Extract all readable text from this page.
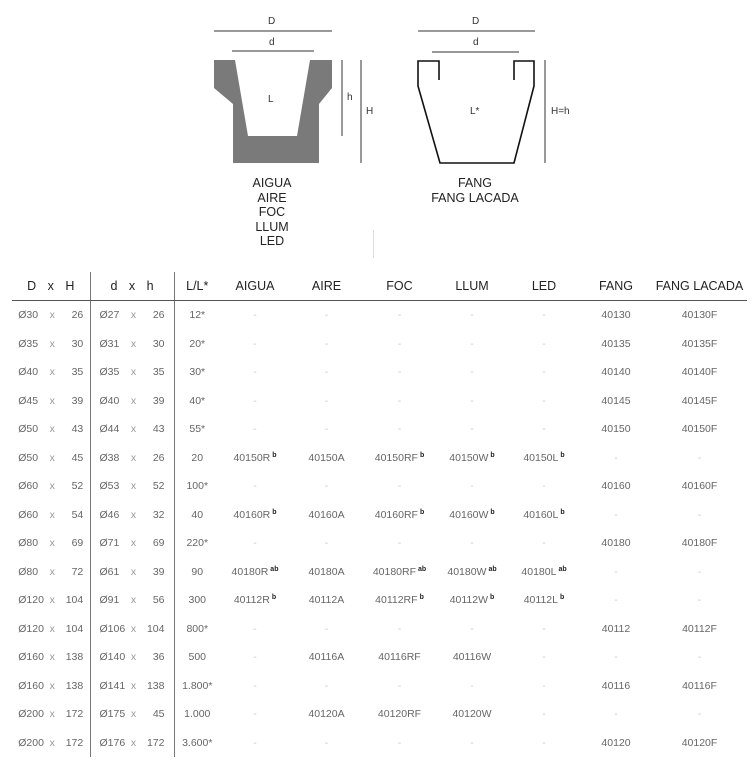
D
d
L	h
H
D
d
L*	H=h
AIGUA
AIRE
FOC
LLUM
LED
FANG
FANG LACADA
D x H	d x h	L/L*	AIGUA	AIRE	FOC	LLUM	LED	FANG	FANG LACADA
Ø30 x 26	Ø27 x 26	12*	-	-	-	-	-	40130	40130F
Ø35 x 30	Ø31 x 30	20*	-	-	-	-	-	40135	40135F
Ø40 x 35	Ø35 x 35	30*	-	-	-	-	-	40140	40140F
Ø45 x 39	Ø40 x 39	40*	-	-	-	-	-	40145	40145F
Ø50 x 43	Ø44 x 43	55*	-	-	-	-	-	40150	40150F
Ø50 x 45	Ø38 x 26	20	40150R $^b$	40150A	40150RF $^b$	40150W $^b$	40150L $^b$	-	-
Ø60 x 52	Ø53 x 52	100*	-	-	-	-	-	40160	40160F
Ø60 x 54	Ø46 x 32	40	40160R $^b$	40160A	40160RF $^b$	40160W $^b$	40160L $^b$	-	-
Ø80 x 69	Ø71 x 69	220*	-	-	-	-	-	40180	40180F
Ø80 x 72	Ø61 x 39	90	40180R $^{ab}$	40180A	40180RF $^{ab}$	40180W $^{ab}$	40180L $^{ab}$	-	-
Ø120 x 104	Ø91 x 56	300	40112R $^b$	40112A	40112RF $^b$	40112W $^b$	40112L $^b$	-	-
Ø120 x 104	Ø106 x 104	800*	-	-	-	-	-	40112	40112F
Ø160 x 138	Ø140 x 36	500	-	40116A	40116RF	40116W	-	-	-
Ø160 x 138	Ø141 x 138	1.800*	-	-	-	-	-	40116	40116F
Ø200 x 172	Ø175 x 45	1.000	-	40120A	40120RF	40120W	-	-	-
Ø200 x 172	Ø176 x 172	3.600*	-	-	-	-	-	40120	40120F
